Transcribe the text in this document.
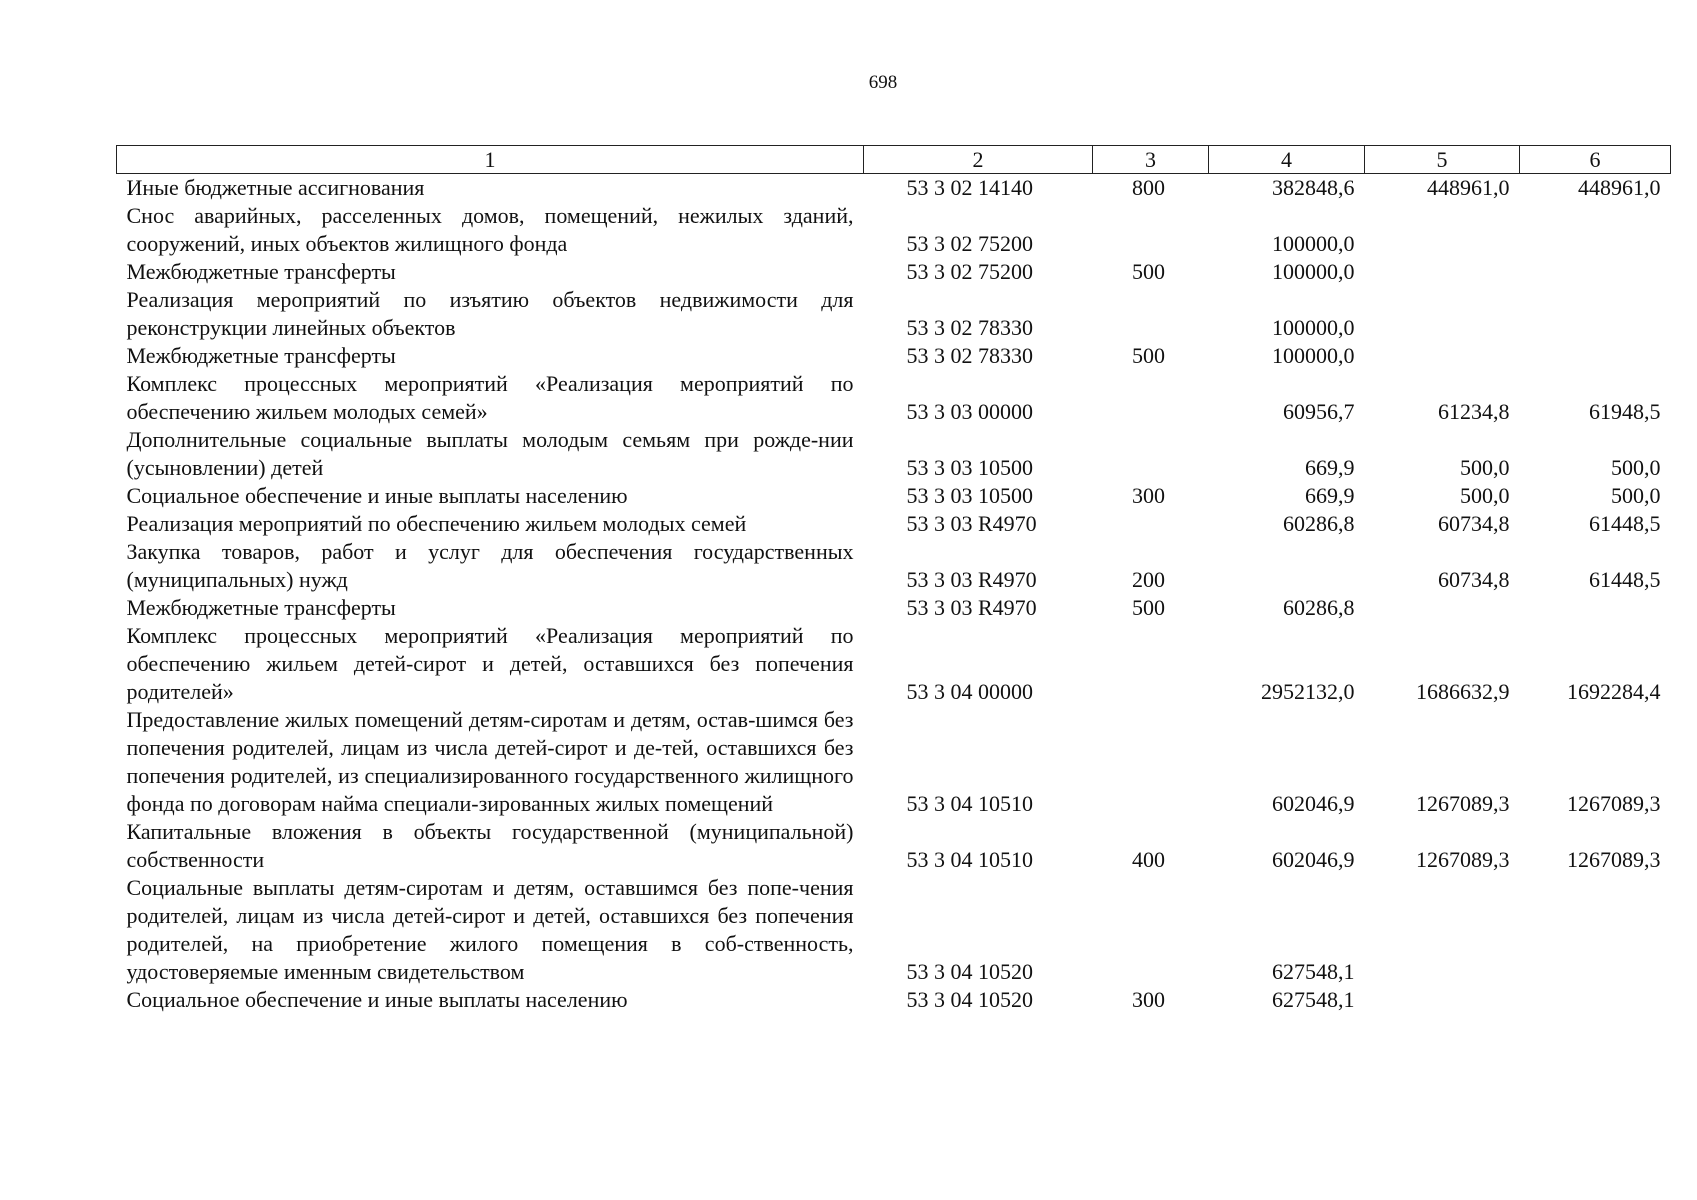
698
1	2	3	4	5	6
Иные бюджетные ассигнования	53 3 02 14140	800	382848,6	448961,0	448961,0
Снос аварийных, расселенных домов, помещений, нежилых зданий, сооружений, иных объектов жилищного фонда	53 3 02 75200		100000,0		
Межбюджетные трансферты	53 3 02 75200	500	100000,0		
Реализация мероприятий по изъятию объектов недвижимости для реконструкции линейных объектов	53 3 02 78330		100000,0		
Межбюджетные трансферты	53 3 02 78330	500	100000,0		
Комплекс процессных мероприятий «Реализация мероприятий по обеспечению жильем молодых семей»	53 3 03 00000		60956,7	61234,8	61948,5
Дополнительные социальные выплаты молодым семьям при рожде-нии (усыновлении) детей	53 3 03 10500		669,9	500,0	500,0
Социальное обеспечение и иные выплаты населению	53 3 03 10500	300	669,9	500,0	500,0
Реализация мероприятий по обеспечению жильем молодых семей	53 3 03 R4970		60286,8	60734,8	61448,5
Закупка товаров, работ и услуг для обеспечения государственных (муниципальных) нужд	53 3 03 R4970	200		60734,8	61448,5
Межбюджетные трансферты	53 3 03 R4970	500	60286,8		
Комплекс процессных мероприятий «Реализация мероприятий по обеспечению жильем детей-сирот и детей, оставшихся без попечения родителей»	53 3 04 00000		2952132,0	1686632,9	1692284,4
Предоставление жилых помещений детям-сиротам и детям, остав-шимся без попечения родителей, лицам из числа детей-сирот и де-тей, оставшихся без попечения родителей, из специализированного государственного жилищного фонда по договорам найма специали-зированных жилых помещений	53 3 04 10510		602046,9	1267089,3	1267089,3
Капитальные вложения в объекты государственной (муниципальной) собственности	53 3 04 10510	400	602046,9	1267089,3	1267089,3
Социальные выплаты детям-сиротам и детям, оставшимся без попе-чения родителей, лицам из числа детей-сирот и детей, оставшихся без попечения родителей, на приобретение жилого помещения в соб-ственность, удостоверяемые именным свидетельством	53 3 04 10520		627548,1		
Социальное обеспечение и иные выплаты населению	53 3 04 10520	300	627548,1		
